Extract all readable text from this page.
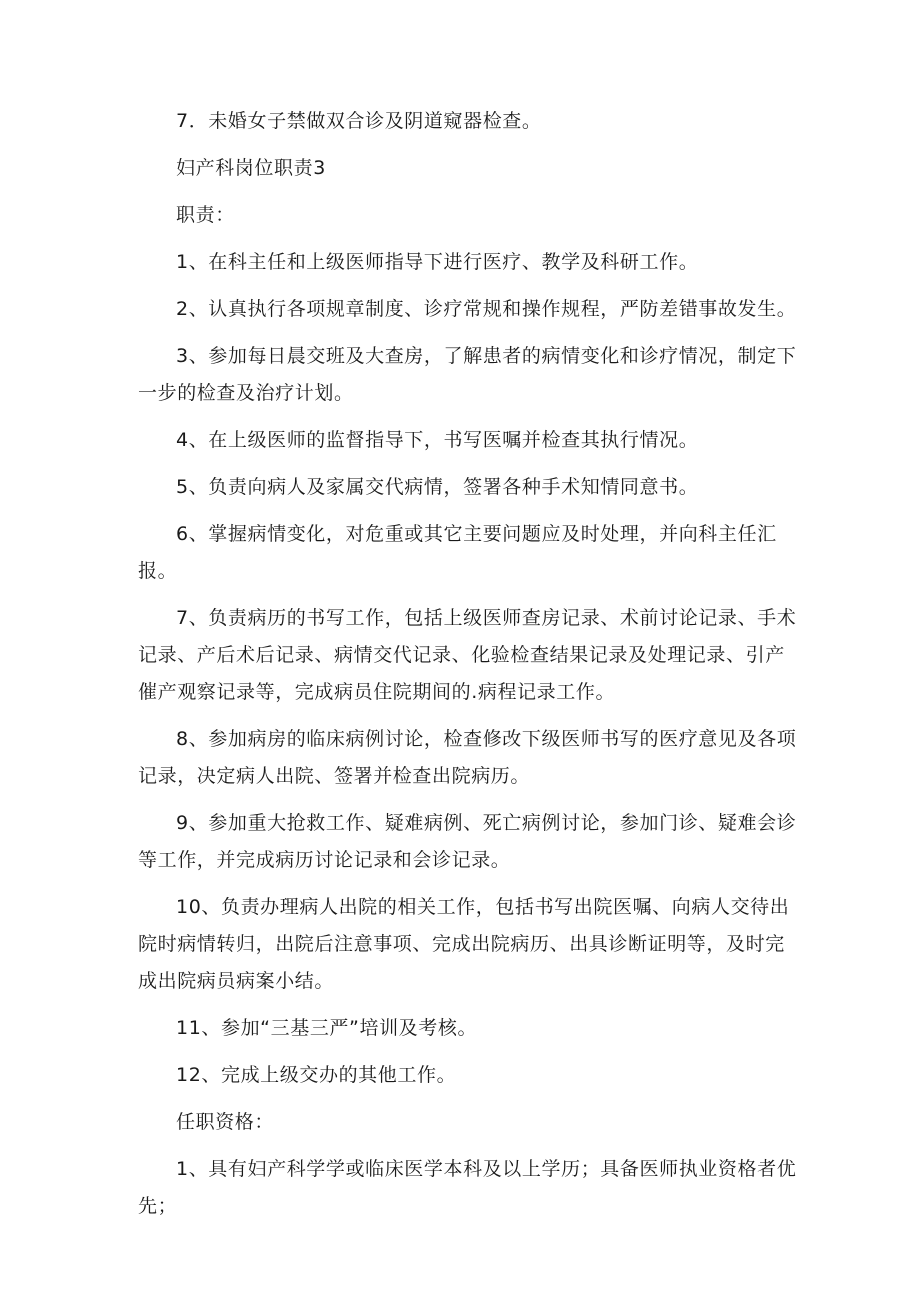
7．未婚女子禁做双合诊及阴道窥器检查。

妇产科岗位职责3

职责：

1、在科主任和上级医师指导下进行医疗、教学及科研工作。

2、认真执行各项规章制度、诊疗常规和操作规程，严防差错事故发生。

3、参加每日晨交班及大查房，了解患者的病情变化和诊疗情况，制定下一步的检查及治疗计划。

4、在上级医师的监督指导下，书写医嘱并检查其执行情况。

5、负责向病人及家属交代病情，签署各种手术知情同意书。

6、掌握病情变化，对危重或其它主要问题应及时处理，并向科主任汇报。

7、负责病历的书写工作，包括上级医师查房记录、术前讨论记录、手术记录、产后术后记录、病情交代记录、化验检查结果记录及处理记录、引产催产观察记录等，完成病员住院期间的.病程记录工作。

8、参加病房的临床病例讨论，检查修改下级医师书写的医疗意见及各项记录，决定病人出院、签署并检查出院病历。

9、参加重大抢救工作、疑难病例、死亡病例讨论，参加门诊、疑难会诊等工作，并完成病历讨论记录和会诊记录。

10、负责办理病人出院的相关工作，包括书写出院医嘱、向病人交待出院时病情转归，出院后注意事项、完成出院病历、出具诊断证明等，及时完成出院病员病案小结。

11、参加“三基三严”培训及考核。

12、完成上级交办的其他工作。

任职资格：

1、具有妇产科学学或临床医学本科及以上学历；具备医师执业资格者优先；
